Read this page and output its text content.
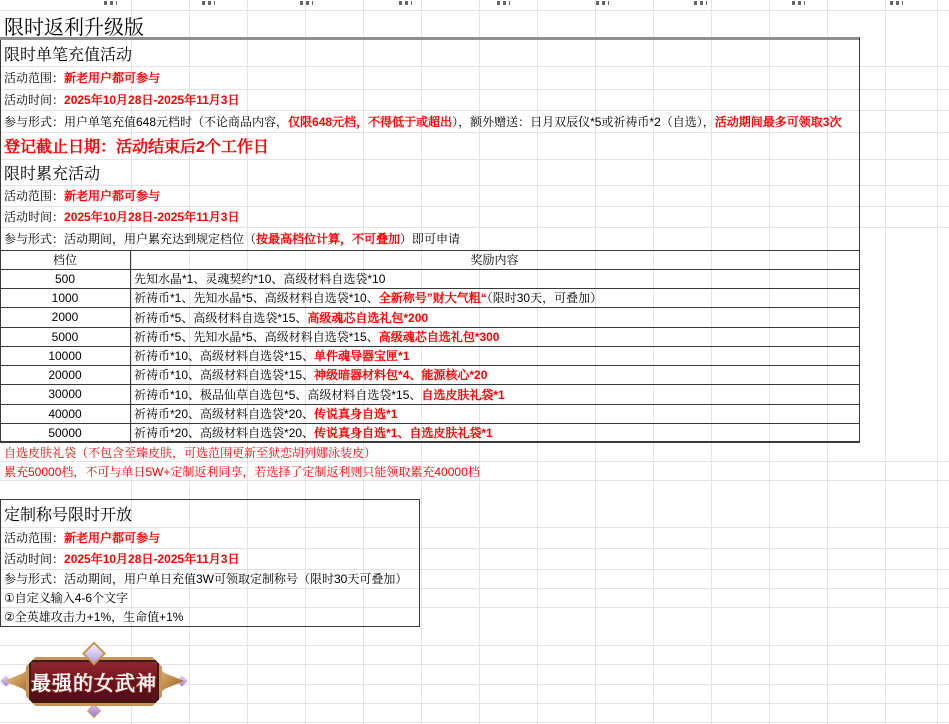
限时返利升级版
限时单笔充值活动
活动范围： 新老用户都可参与
活动时间： 2025年10月28日-2025年11月3日
参与形式：用户单笔充值648元档时（不论商品内容， 仅限648元档，不得低于或超出 ），额外赠送：日月双辰仪*5或祈祷币*2（自选）， 活动期间最多可领取3次
登记截止日期：活动结束后2个工作日
限时累充活动
活动范围： 新老用户都可参与
活动时间： 2025年10月28日-2025年11月3日
参与形式：活动期间，用户累充达到规定档位（ 按最高档位计算，不可叠加 ）即可申请
档位	奖励内容
500	先知水晶*1、灵魂契约*10、高级材料自选袋*10
1000	祈祷币*1、先知水晶*5、高级材料自选袋*10、全新称号”财大气粗“（限时30天，可叠加）
2000	祈祷币*5、高级材料自选袋*15、高级魂芯自选礼包*200
5000	祈祷币*5、先知水晶*5、高级材料自选袋*15、高级魂芯自选礼包*300
10000	祈祷币*10、高级材料自选袋*15、单件魂导器宝匣*1
20000	祈祷币*10、高级材料自选袋*15、神级暗器材料包*4、能源核心*20
30000	祈祷币*10、极品仙草自选包*5、高级材料自选袋*15、自选皮肤礼袋*1
40000	祈祷币*20、高级材料自选袋*20、传说真身自选*1
50000	祈祷币*20、高级材料自选袋*20、传说真身自选*1、自选皮肤礼袋*1
自选皮肤礼袋（不包含至臻皮肤，可选范围更新至狱恋胡列娜泳装皮）
累充50000档，不可与单日5W+定制返利同享，若选择了定制返利则只能领取累充40000档
定制称号限时开放
活动范围： 新老用户都可参与
活动时间： 2025年10月28日-2025年11月3日
参与形式：活动期间，用户单日充值3W可领取定制称号（限时30天可叠加）
①自定义输入4-6个文字
②全英雄攻击力+1%，生命值+1%
最强的女武神
